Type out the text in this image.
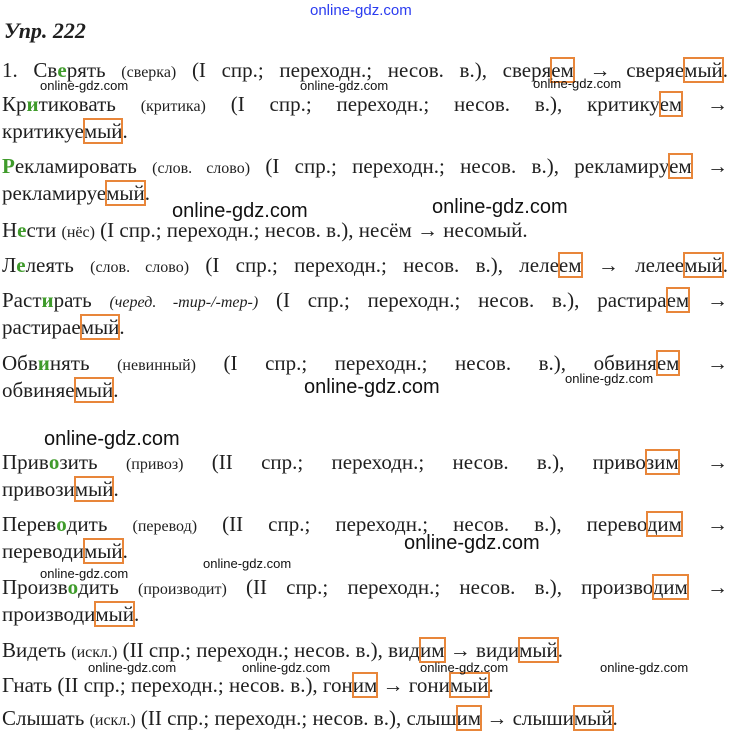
online-gdz.com
Упр. 222
1. Сверять (сверка) (I спр.; переходн.; несов. в.), сверяем → сверяемый.
Критиковать (критика) (I спр.; переходн.; несов. в.), критикуем →
критикуемый.
Рекламировать (слов. слово) (I спр.; переходн.; несов. в.), рекламируем →
рекламируемый.
Нести (нёс) (I спр.; переходн.; несов. в.), несём → несомый.
Лелеять (слов. слово) (I спр.; переходн.; несов. в.), лелеем → лелеемый.
Растирать (черед. -тир-/-тер-) (I спр.; переходн.; несов. в.), растираем →
растираемый.
Обвинять (невинный) (I спр.; переходн.; несов. в.), обвиняем →
обвиняемый.
Привозить (привоз) (II спр.; переходн.; несов. в.), привозим →
привозимый.
Переводить (перевод) (II спр.; переходн.; несов. в.), переводим →
переводимый.
Производить (производит) (II спр.; переходн.; несов. в.), производим →
производимый.
Видеть (искл.) (II спр.; переходн.; несов. в.), видим → видимый.
Гнать (II спр.; переходн.; несов. в.), гоним → гонимый.
Слышать (искл.) (II спр.; переходн.; несов. в.), слышим → слышимый.
online-gdz.com	online-gdz.com	online-gdz.com
online-gdz.com	online-gdz.com
online-gdz.com	online-gdz.com
online-gdz.com
online-gdz.com
online-gdz.com
online-gdz.com
online-gdz.com	online-gdz.com	online-gdz.com	online-gdz.com
